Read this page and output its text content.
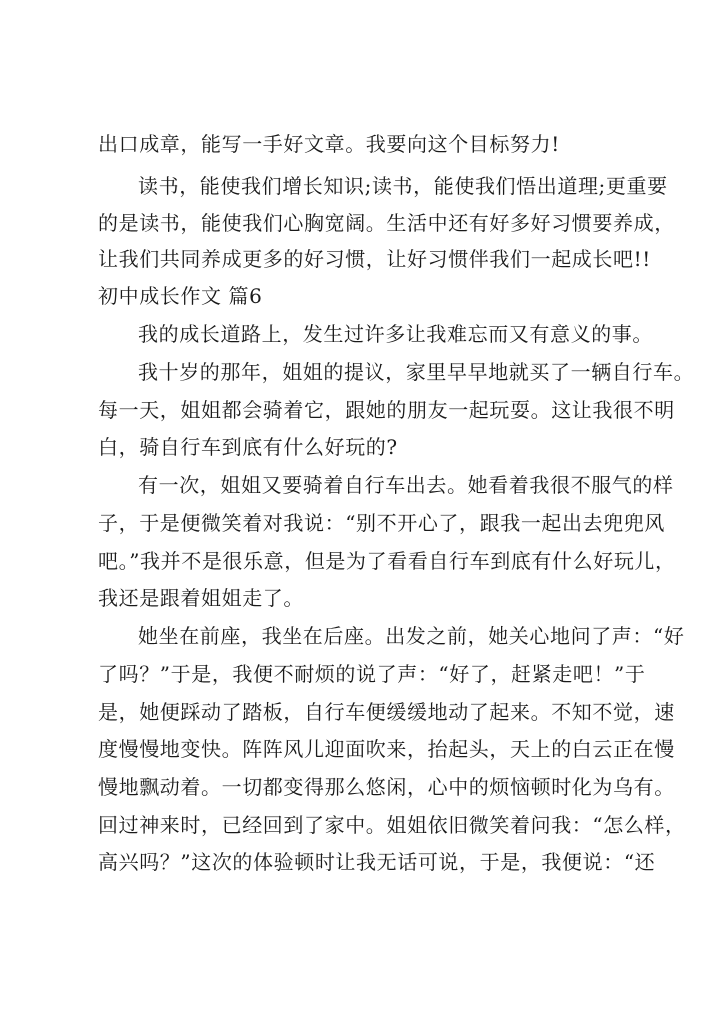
出口成章，能写一手好文章。我要向这个目标努力!
读书，能使我们增长知识;读书，能使我们悟出道理;更重要
的是读书，能使我们心胸宽阔。生活中还有好多好习惯要养成，
让我们共同养成更多的好习惯，让好习惯伴我们一起成长吧!!
初中成长作文 篇6
我的成长道路上，发生过许多让我难忘而又有意义的事。
我十岁的那年，姐姐的提议，家里早早地就买了一辆自行车。
每一天，姐姐都会骑着它，跟她的朋友一起玩耍。这让我很不明
白，骑自行车到底有什么好玩的?
有一次，姐姐又要骑着自行车出去。她看着我很不服气的样
子，于是便微笑着对我说：“别不开心了，跟我一起出去兜兜风
吧。”我并不是很乐意，但是为了看看自行车到底有什么好玩儿，
我还是跟着姐姐走了。
她坐在前座，我坐在后座。出发之前，她关心地问了声：“好
了吗？”于是，我便不耐烦的说了声：“好了，赶紧走吧！”于
是，她便踩动了踏板，自行车便缓缓地动了起来。不知不觉，速
度慢慢地变快。阵阵风儿迎面吹来，抬起头，天上的白云正在慢
慢地飘动着。一切都变得那么悠闲，心中的烦恼顿时化为乌有。
回过神来时，已经回到了家中。姐姐依旧微笑着问我：“怎么样，
高兴吗？”这次的体验顿时让我无话可说，于是，我便说：“还
